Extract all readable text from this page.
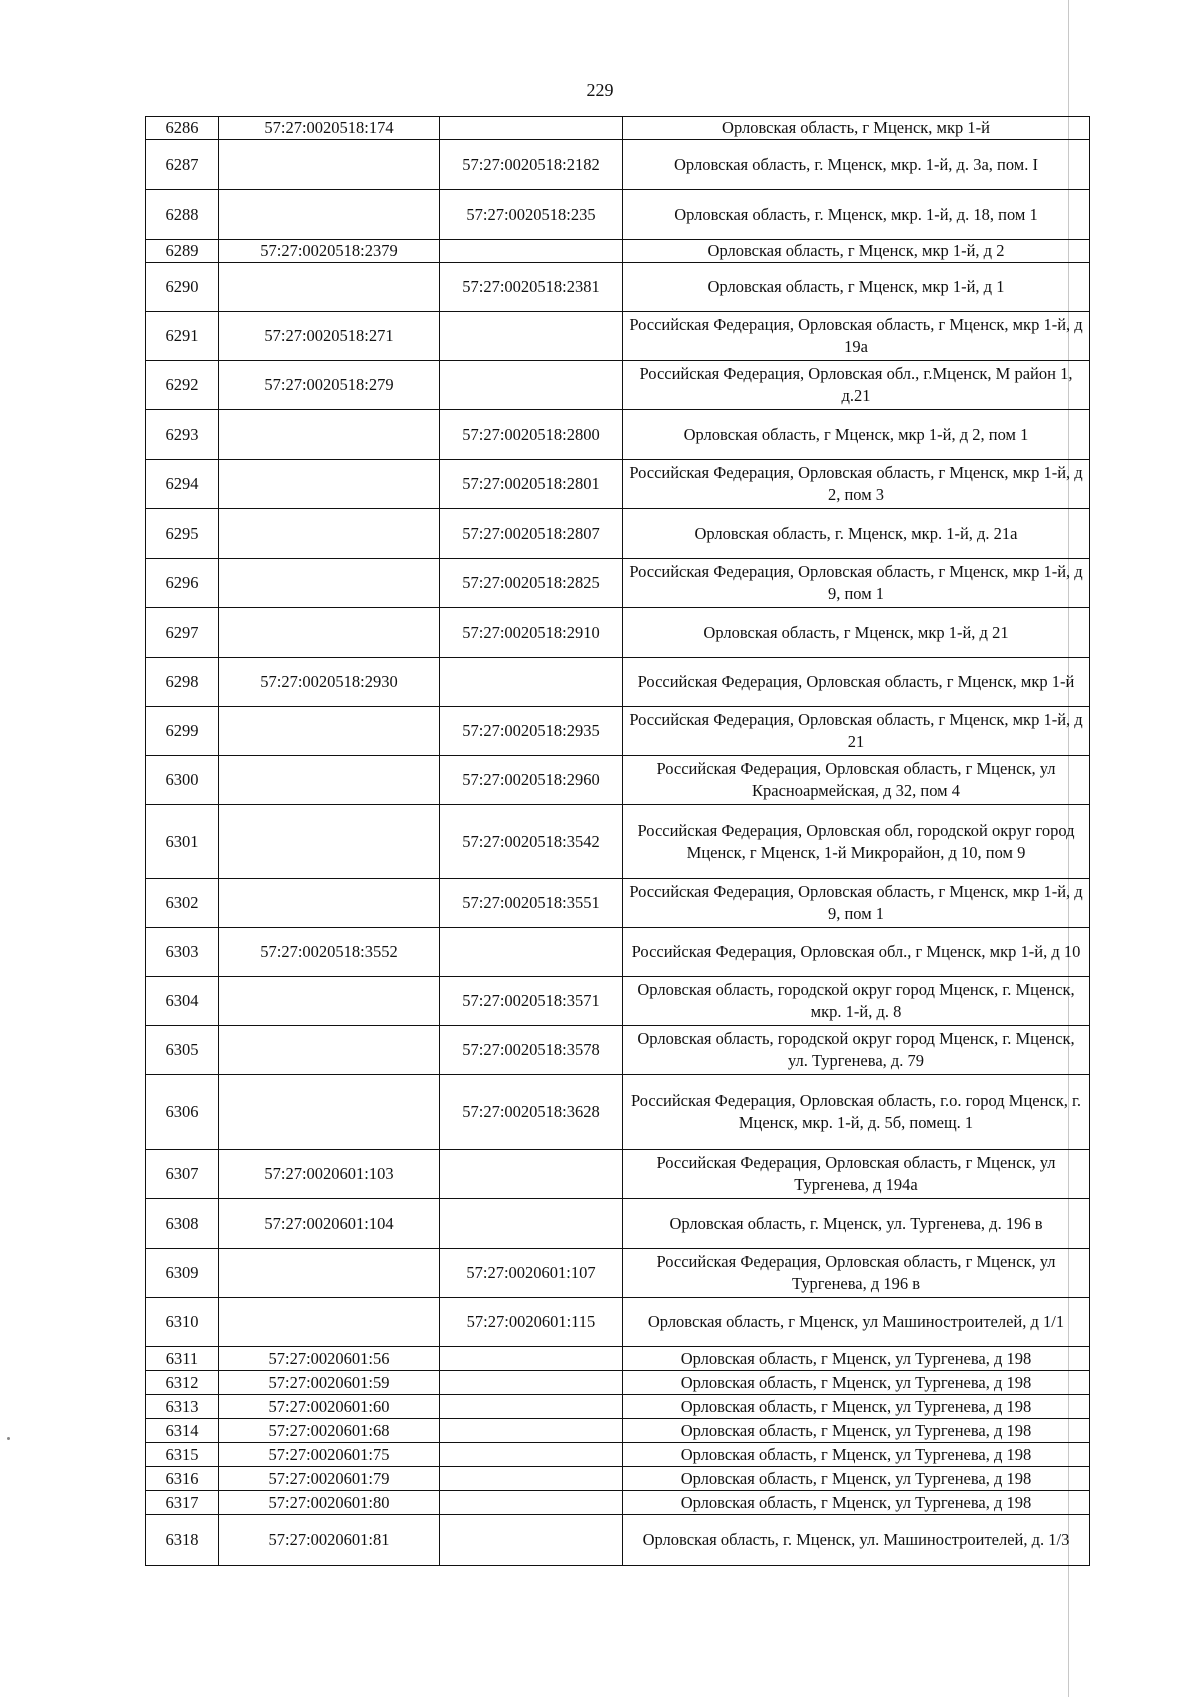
229
6286	57:27:0020518:174		Орловская область, г Мценск, мкр 1-й
6287		57:27:0020518:2182	Орловская область, г. Мценск, мкр. 1-й, д. 3а, пом. I
6288		57:27:0020518:235	Орловская область, г. Мценск, мкр. 1-й, д. 18, пом 1
6289	57:27:0020518:2379		Орловская область, г Мценск, мкр 1-й, д 2
6290		57:27:0020518:2381	Орловская область, г Мценск, мкр 1-й, д 1
6291	57:27:0020518:271		Российская Федерация, Орловская область, г Мценск, мкр 1-й, д 19а
6292	57:27:0020518:279		Российская Федерация, Орловская обл., г.Мценск, М район 1, д.21
6293		57:27:0020518:2800	Орловская область, г Мценск, мкр 1-й, д 2, пом 1
6294		57:27:0020518:2801	Российская Федерация, Орловская область, г Мценск, мкр 1-й, д 2, пом 3
6295		57:27:0020518:2807	Орловская область, г. Мценск, мкр. 1-й, д. 21а
6296		57:27:0020518:2825	Российская Федерация, Орловская область, г Мценск, мкр 1-й, д 9, пом 1
6297		57:27:0020518:2910	Орловская область, г Мценск, мкр 1-й, д 21
6298	57:27:0020518:2930		Российская Федерация, Орловская область, г Мценск, мкр 1-й
6299		57:27:0020518:2935	Российская Федерация, Орловская область, г Мценск, мкр 1-й, д 21
6300		57:27:0020518:2960	Российская Федерация, Орловская область, г Мценск, ул Красноармейская, д 32, пом 4
6301		57:27:0020518:3542	Российская Федерация, Орловская обл, городской округ город Мценск, г Мценск, 1-й Микрорайон, д 10, пом 9
6302		57:27:0020518:3551	Российская Федерация, Орловская область, г Мценск, мкр 1-й, д 9, пом 1
6303	57:27:0020518:3552		Российская Федерация, Орловская обл., г Мценск, мкр 1-й, д 10
6304		57:27:0020518:3571	Орловская область, городской округ город Мценск, г. Мценск, мкр. 1-й, д. 8
6305		57:27:0020518:3578	Орловская область, городской округ город Мценск, г. Мценск, ул. Тургенева, д. 79
6306		57:27:0020518:3628	Российская Федерация, Орловская область, г.о. город Мценск, г. Мценск, мкр. 1-й, д. 5б, помещ. 1
6307	57:27:0020601:103		Российская Федерация, Орловская область, г Мценск, ул Тургенева, д 194а
6308	57:27:0020601:104		Орловская область, г. Мценск, ул. Тургенева, д. 196 в
6309		57:27:0020601:107	Российская Федерация, Орловская область, г Мценск, ул Тургенева, д 196 в
6310		57:27:0020601:115	Орловская область, г Мценск, ул Машиностроителей, д 1/1
6311	57:27:0020601:56		Орловская область, г Мценск, ул Тургенева, д 198
6312	57:27:0020601:59		Орловская область, г Мценск, ул Тургенева, д 198
6313	57:27:0020601:60		Орловская область, г Мценск, ул Тургенева, д 198
6314	57:27:0020601:68		Орловская область, г Мценск, ул Тургенева, д 198
6315	57:27:0020601:75		Орловская область, г Мценск, ул Тургенева, д 198
6316	57:27:0020601:79		Орловская область, г Мценск, ул Тургенева, д 198
6317	57:27:0020601:80		Орловская область, г Мценск, ул Тургенева, д 198
6318	57:27:0020601:81		Орловская область, г. Мценск, ул. Машиностроителей, д. 1/3
